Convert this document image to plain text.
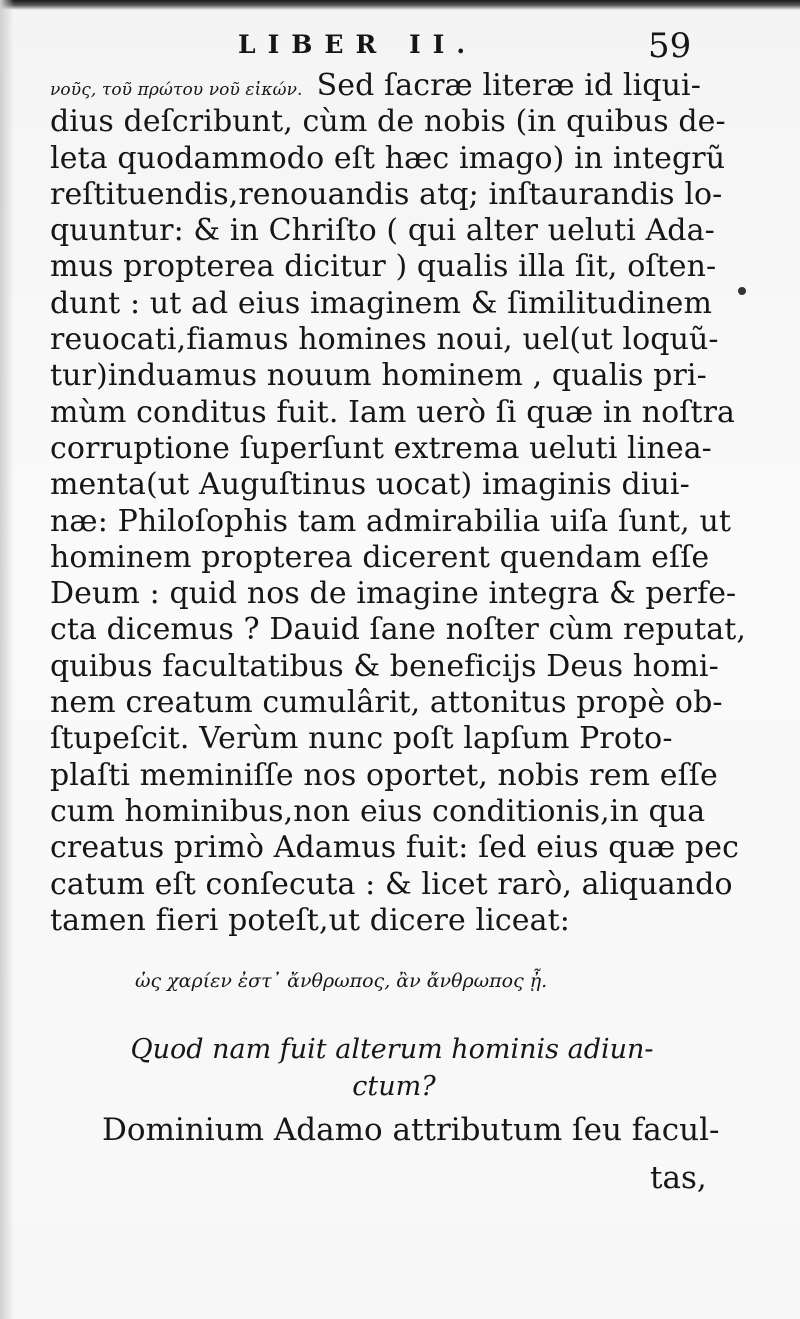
LIBER II.	59
νοῦς, τοῦ πρώτου νοῦ εἰκών. Sed ſacræ literæ id liqui-
dius deſcribunt, cùm de nobis (in quibus de-
leta quodammodo eſt hæc imago) in integrũ
reſtituendis,renouandis atq; inſtaurandis lo-
quuntur: & in Chriſto ( qui alter ueluti Ada-
mus propterea dicitur ) qualis illa ſit, oſten-
dunt : ut ad eius imaginem & ſimilitudinem
reuocati,fiamus homines noui, uel(ut loquũ-
tur)induamus nouum hominem , qualis pri-
mùm conditus fuit. Iam uerò ſi quæ in noſtra
corruptione ſuperſunt extrema ueluti linea-
menta(ut Auguſtinus uocat) imaginis diui-
næ: Philoſophis tam admirabilia uiſa ſunt, ut
hominem propterea dicerent quendam eſſe
Deum : quid nos de imagine integra & perfe-
cta dicemus ? Dauid ſane noſter cùm reputat,
quibus facultatibus & beneficijs Deus homi-
nem creatum cumulârit, attonitus propè ob-
ſtupeſcit. Verùm nunc poſt lapſum Proto-
plaſti meminiſſe nos oportet, nobis rem eſſe
cum hominibus,non eius conditionis,in qua
creatus primò Adamus fuit: ſed eius quæ pec
catum eſt conſecuta : & licet rarò, aliquando
tamen fieri poteſt,ut dicere liceat:
ὡς χαρίεν ἐστ᾽ ἄνθρωπος, ἂν ἄνθρωπος ᾖ.
Quod nam fuit alterum hominis adiun-
ctum?
Dominium Adamo attributum ſeu facul-
tas,
